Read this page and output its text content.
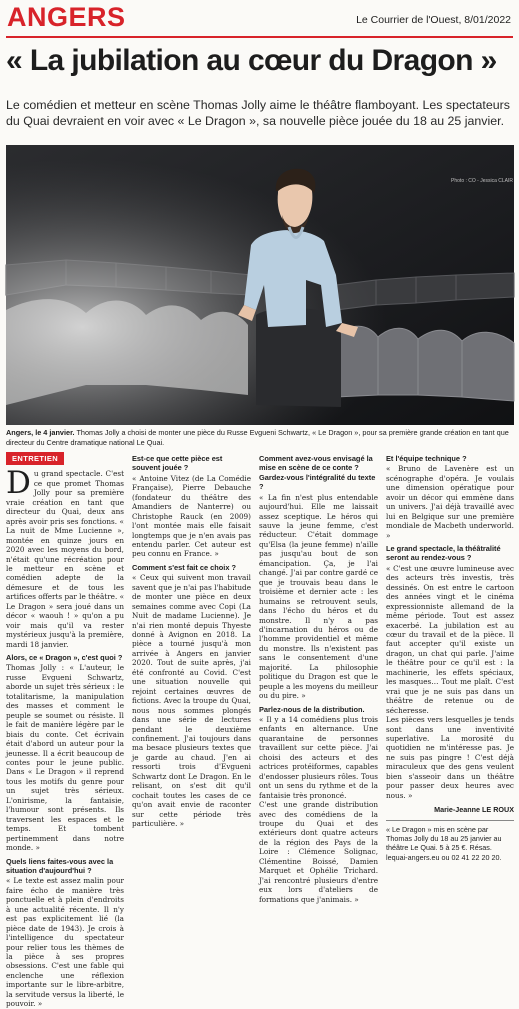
ANGERS	Le Courrier de l'Ouest, 8/01/2022
« La jubilation au cœur du Dragon »
Le comédien et metteur en scène Thomas Jolly aime le théâtre flamboyant. Les spectateurs du Quai devraient en voir avec « Le Dragon », sa nouvelle pièce jouée du 18 au 25 janvier.
Photo : CO - Jessica CLAIR
Angers, le 4 janvier. Thomas Jolly a choisi de monter une pièce du Russe Evgueni Schwartz, « Le Dragon », pour sa première grande création en tant que directeur du Centre dramatique national Le Quai.
ENTRETIEN

Du grand spectacle. C'est ce que promet Thomas Jolly pour sa première vraie création en tant que directeur du Quai, deux ans après avoir pris ses fonctions. « La nuit de Mme Lucienne », montée en quinze jours en 2020 avec les moyens du bord, n'était qu'une récréation pour le metteur en scène et comédien adepte de la démesure et de tous les artifices offerts par le théâtre. « Le Dragon » sera joué dans un décor « waouh ! » qu'on a pu voir mais qu'il va rester mystérieux jusqu'à la première, mardi 18 janvier.

Alors, ce « Dragon », c'est quoi ?

Thomas Jolly : « L'auteur, le russe Evgueni Schwartz, aborde un sujet très sérieux : le totalitarisme, la manipulation des masses et comment le peuple se soumet ou résiste. Il le fait de manière légère par le biais du conte. Cet écrivain était d'abord un auteur pour la jeunesse. Il a écrit beaucoup de contes pour le jeune public. Dans « Le Dragon » il reprend tous les motifs du genre pour un sujet très sérieux. L'onirisme, la fantaisie, l'humour sont présents. Ils traversent les espaces et le temps. Et tombent pertinemment dans notre monde. »

Quels liens faites-vous avec la situation d'aujourd'hui ?

« Le texte est assez malin pour faire écho de manière très ponctuelle et à plein d'endroits à une actualité récente. Il n'y est pas explicitement lié (la pièce date de 1943). Je crois à l'intelligence du spectateur pour relier tous les thèmes de la pièce à ses propres obsessions. C'est une fable qui enclenche une réflexion importante sur le libre-arbitre, la servitude versus la liberté, le pouvoir. »

Est-ce que cette pièce est souvent jouée ?

« Antoine Vitez (de La Comédie Française), Pierre Debauche (fondateur du théâtre des Amandiers de Nanterre) ou Christophe Rauck (en 2009) l'ont montée mais elle faisait longtemps que je n'en avais pas entendu parler. Cet auteur est peu connu en France. »

Comment s'est fait ce choix ?

« Ceux qui suivent mon travail savent que je n'ai pas l'habitude de monter une pièce en deux semaines comme avec Copi (La Nuit de madame Lucienne). Je n'ai rien monté depuis Thyeste donné à Avignon en 2018. La pièce a tourné jusqu'à mon arrivée à Angers en janvier 2020. Tout de suite après, j'ai été confronté au Covid. C'est une situation nouvelle qui rejoint certaines œuvres de fictions. Avec la troupe du Quai, nous nous sommes plongés dans une série de lectures pendant le deuxième confinement. J'ai toujours dans ma besace plusieurs textes que je garde au chaud. J'en ai ressorti trois d'Evgueni Schwartz dont Le Dragon. En le relisant, on s'est dit qu'il cochait toutes les cases de ce qu'on avait envie de raconter sur cette période très particulière. »

Comment avez-vous envisagé la mise en scène de ce conte ? Gardez-vous l'intégralité du texte ?

« La fin n'est plus entendable aujourd'hui. Elle me laissait assez sceptique. Le héros qui sauve la jeune femme, c'est réducteur. C'était dommage qu'Elsa (la jeune femme) n'aille pas jusqu'au bout de son émancipation. Ça, je l'ai changé. J'ai par contre gardé ce que je trouvais beau dans le troisième et dernier acte : les humains se retrouvent seuls, dans l'écho du héros et du monstre. Il n'y a pas d'incarnation du héros ou de l'homme providentiel et même du monstre. Ils n'existent pas sans le consentement d'une majorité. La philosophie politique du Dragon est que le peuple a les moyens du meilleur ou du pire. »

Parlez-nous de la distribution.

« Il y a 14 comédiens plus trois enfants en alternance. Une quarantaine de personnes travaillent sur cette pièce. J'ai choisi des acteurs et des actrices protéiformes, capables d'endosser plusieurs rôles. Tous ont un sens du rythme et de la fantaisie très prononcé.

C'est une grande distribution avec des comédiens de la troupe du Quai et des extérieurs dont quatre acteurs de la région des Pays de la Loire : Clémence Solignac, Clémentine Boissé, Damien Marquet et Ophélie Trichard. J'ai rencontré plusieurs d'entre eux lors d'ateliers de formations que j'animais. »

Et l'équipe technique ?

« Bruno de Lavenère est un scénographe d'opéra. Je voulais une dimension opératique pour avoir un décor qui emmène dans un univers. J'ai déjà travaillé avec lui en Belgique sur une première mondiale de Macbeth underworld. »

Le grand spectacle, la théâtralité seront au rendez-vous ?

« C'est une œuvre lumineuse avec des acteurs très investis, très dessinés. On est entre le cartoon des années vingt et le cinéma expressionniste allemand de la même période. Tout est assez exacerbé. La jubilation est au cœur du travail et de la pièce. Il faut accepter qu'il existe un dragon, un chat qui parle. J'aime le théâtre pour ce qu'il est : la machinerie, les effets spéciaux, les masques… Tout me plaît. C'est vrai que je ne suis pas dans un théâtre de retenue ou de sécheresse.

Les pièces vers lesquelles je tends sont dans une inventivité superlative. La morosité du quotidien ne m'intéresse pas. Je ne suis pas pingre ! C'est déjà miraculeux que des gens veulent bien s'asseoir dans un théâtre pour passer deux heures avec nous. »

Marie-Jeanne LE ROUX
« Le Dragon » mis en scène par Thomas Jolly du 18 au 25 janvier au théâtre Le Quai. 5 à 25 €. Résas. lequai-angers.eu ou 02 41 22 20 20.
